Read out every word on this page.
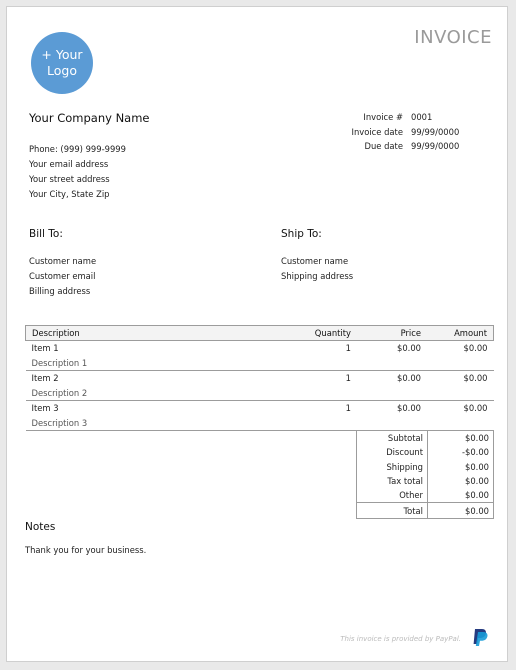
+ Your Logo
INVOICE
Your Company Name
Phone: (999) 999-9999
Your email address
Your street address
Your City, State Zip
Invoice # 0001
Invoice date 99/99/0000
Due date 99/99/0000
Bill To:
Customer name
Customer email
Billing address
Ship To:
Customer name
Shipping address
Description	Quantity	Price	Amount
Item 1	1	$0.00	$0.00
Description 1			
Item 2	1	$0.00	$0.00
Description 2			
Item 3	1	$0.00	$0.00
Description 3			
Subtotal	$0.00
Discount	-$0.00
Shipping	$0.00
Tax total	$0.00
Other	$0.00
Total	$0.00
Notes
Thank you for your business.
This invoice is provided by PayPal.
